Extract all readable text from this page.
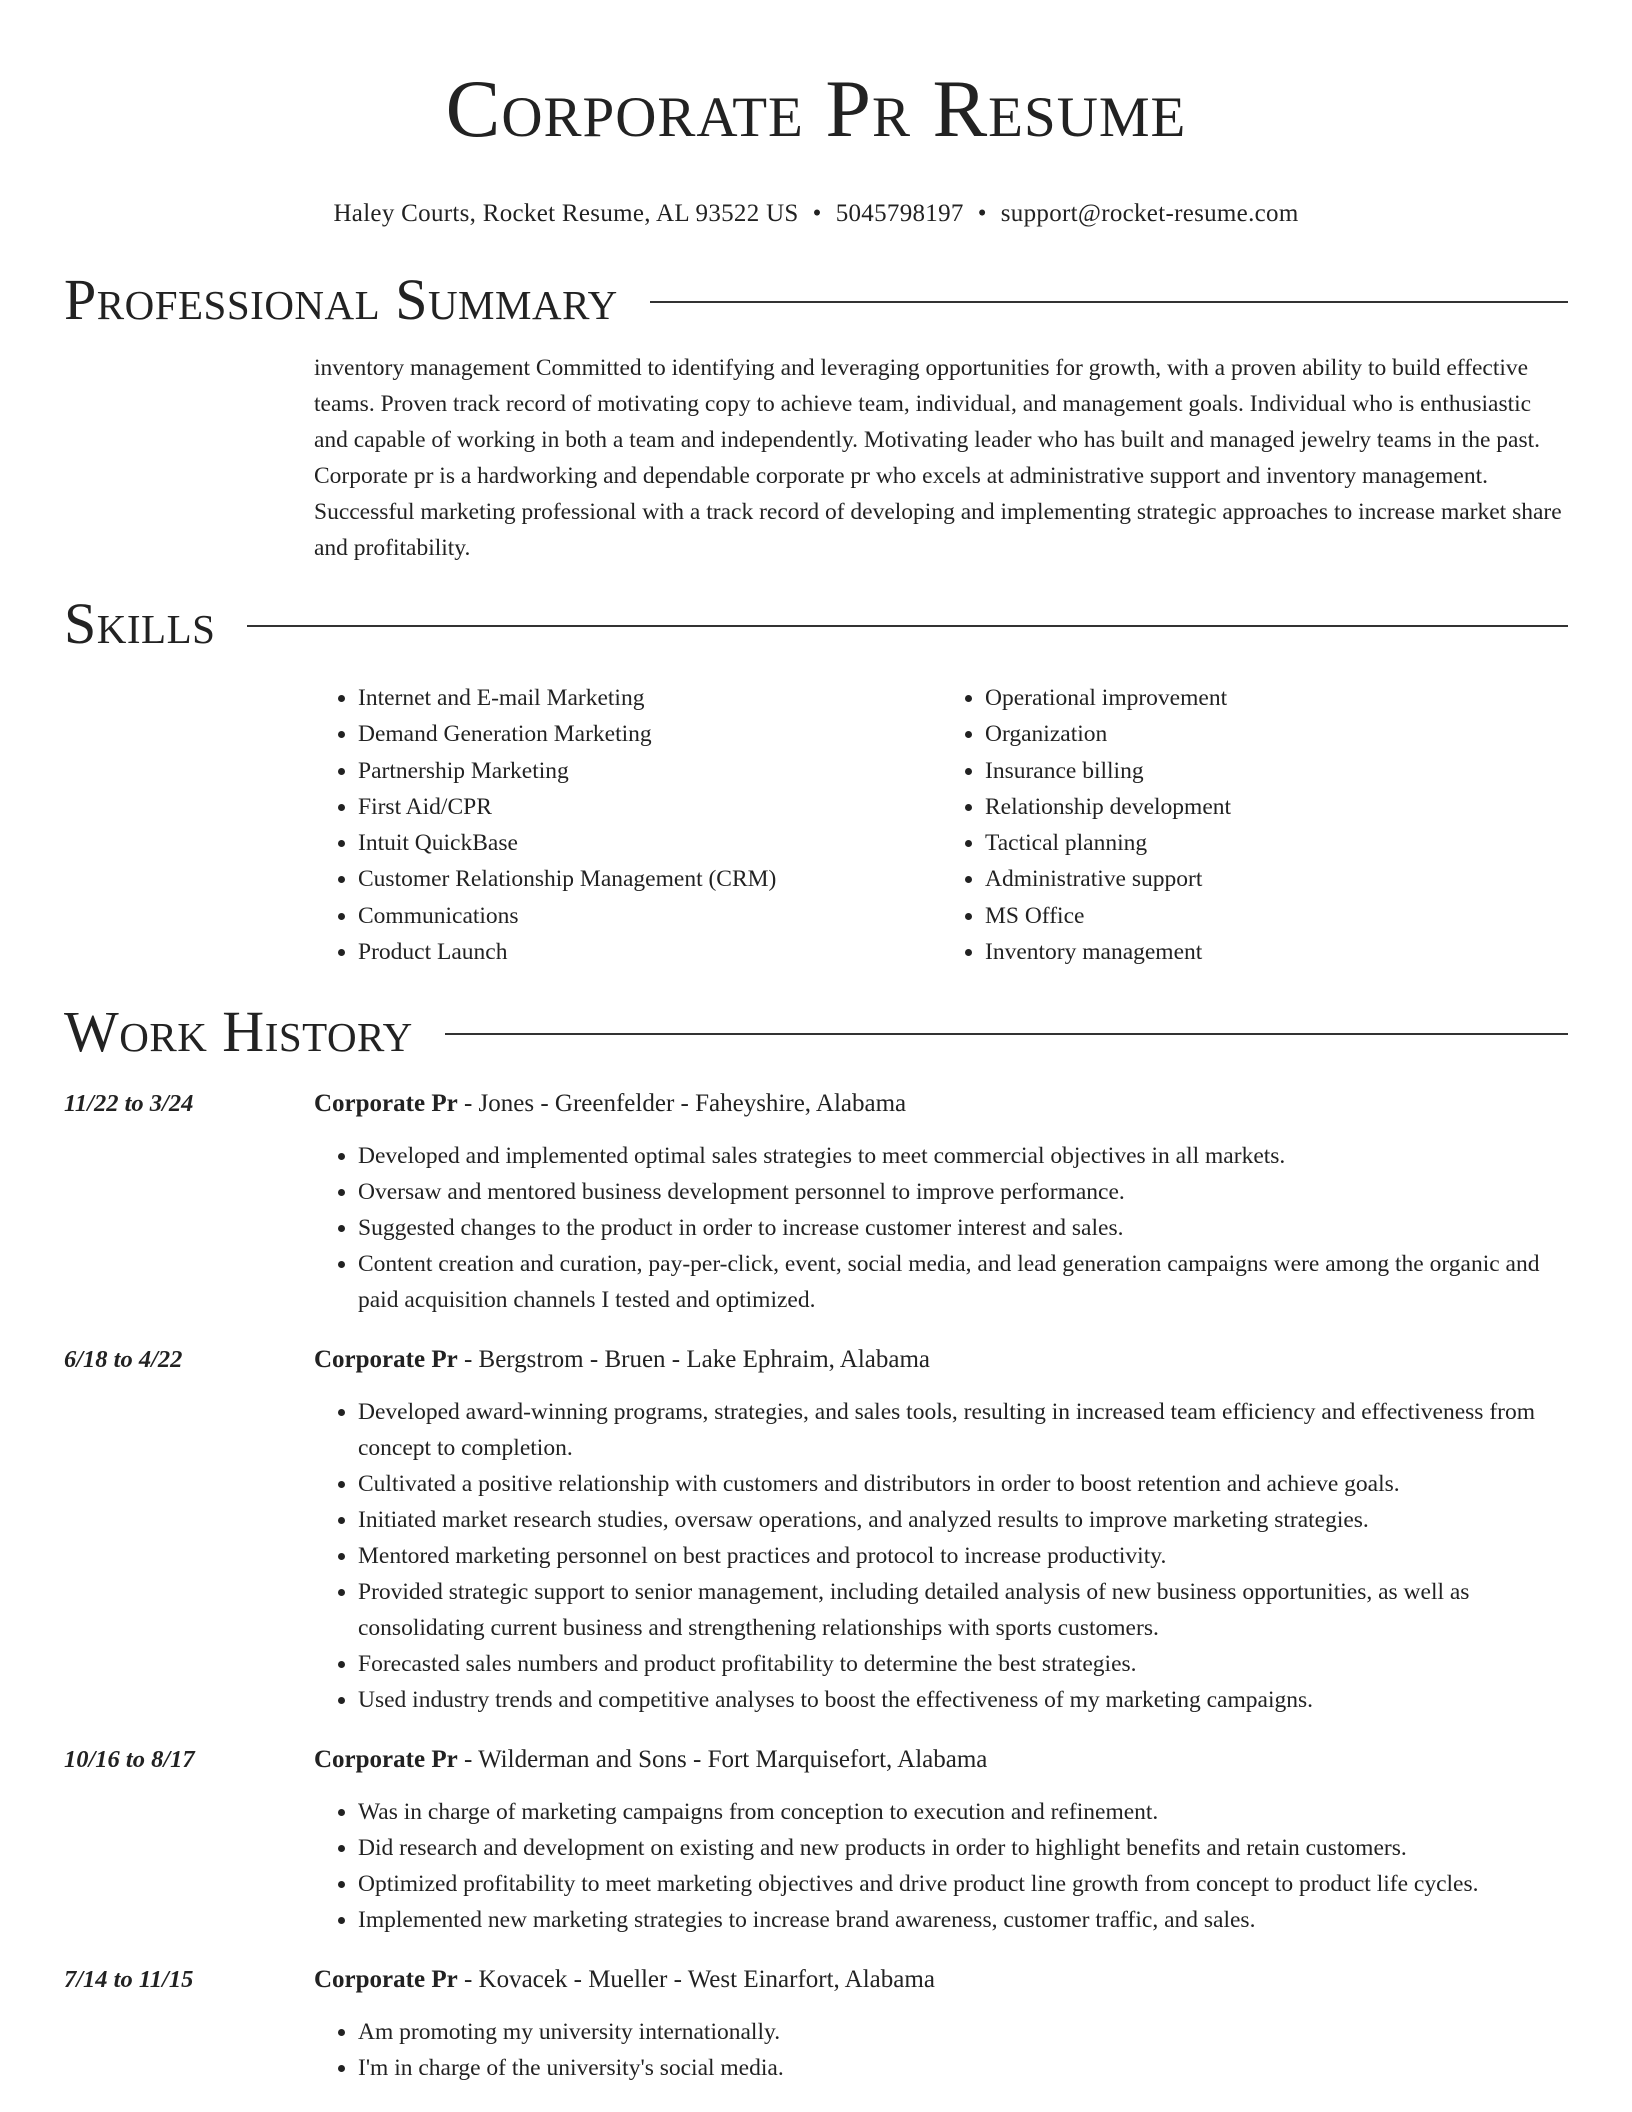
Corporate Pr Resume
Haley Courts, Rocket Resume, AL 93522 US • 5045798197 • support@rocket-resume.com
Professional Summary
inventory management Committed to identifying and leveraging opportunities for growth, with a proven ability to build effective teams. Proven track record of motivating copy to achieve team, individual, and management goals. Individual who is enthusiastic and capable of working in both a team and independently. Motivating leader who has built and managed jewelry teams in the past. Corporate pr is a hardworking and dependable corporate pr who excels at administrative support and inventory management. Successful marketing professional with a track record of developing and implementing strategic approaches to increase market share and profitability.
Skills
• Internet and E-mail Marketing
• Demand Generation Marketing
• Partnership Marketing
• First Aid/CPR
• Intuit QuickBase
• Customer Relationship Management (CRM)
• Communications
• Product Launch
• Operational improvement
• Organization
• Insurance billing
• Relationship development
• Tactical planning
• Administrative support
• MS Office
• Inventory management
Work History
11/22 to 3/24	Corporate Pr - Jones - Greenfelder - Faheyshire, Alabama
• Developed and implemented optimal sales strategies to meet commercial objectives in all markets.
• Oversaw and mentored business development personnel to improve performance.
• Suggested changes to the product in order to increase customer interest and sales.
• Content creation and curation, pay-per-click, event, social media, and lead generation campaigns were among the organic and paid acquisition channels I tested and optimized.
6/18 to 4/22	Corporate Pr - Bergstrom - Bruen - Lake Ephraim, Alabama
• Developed award-winning programs, strategies, and sales tools, resulting in increased team efficiency and effectiveness from concept to completion.
• Cultivated a positive relationship with customers and distributors in order to boost retention and achieve goals.
• Initiated market research studies, oversaw operations, and analyzed results to improve marketing strategies.
• Mentored marketing personnel on best practices and protocol to increase productivity.
• Provided strategic support to senior management, including detailed analysis of new business opportunities, as well as consolidating current business and strengthening relationships with sports customers.
• Forecasted sales numbers and product profitability to determine the best strategies.
• Used industry trends and competitive analyses to boost the effectiveness of my marketing campaigns.
10/16 to 8/17	Corporate Pr - Wilderman and Sons - Fort Marquisefort, Alabama
• Was in charge of marketing campaigns from conception to execution and refinement.
• Did research and development on existing and new products in order to highlight benefits and retain customers.
• Optimized profitability to meet marketing objectives and drive product line growth from concept to product life cycles.
• Implemented new marketing strategies to increase brand awareness, customer traffic, and sales.
7/14 to 11/15	Corporate Pr - Kovacek - Mueller - West Einarfort, Alabama
• Am promoting my university internationally.
• I'm in charge of the university's social media.
